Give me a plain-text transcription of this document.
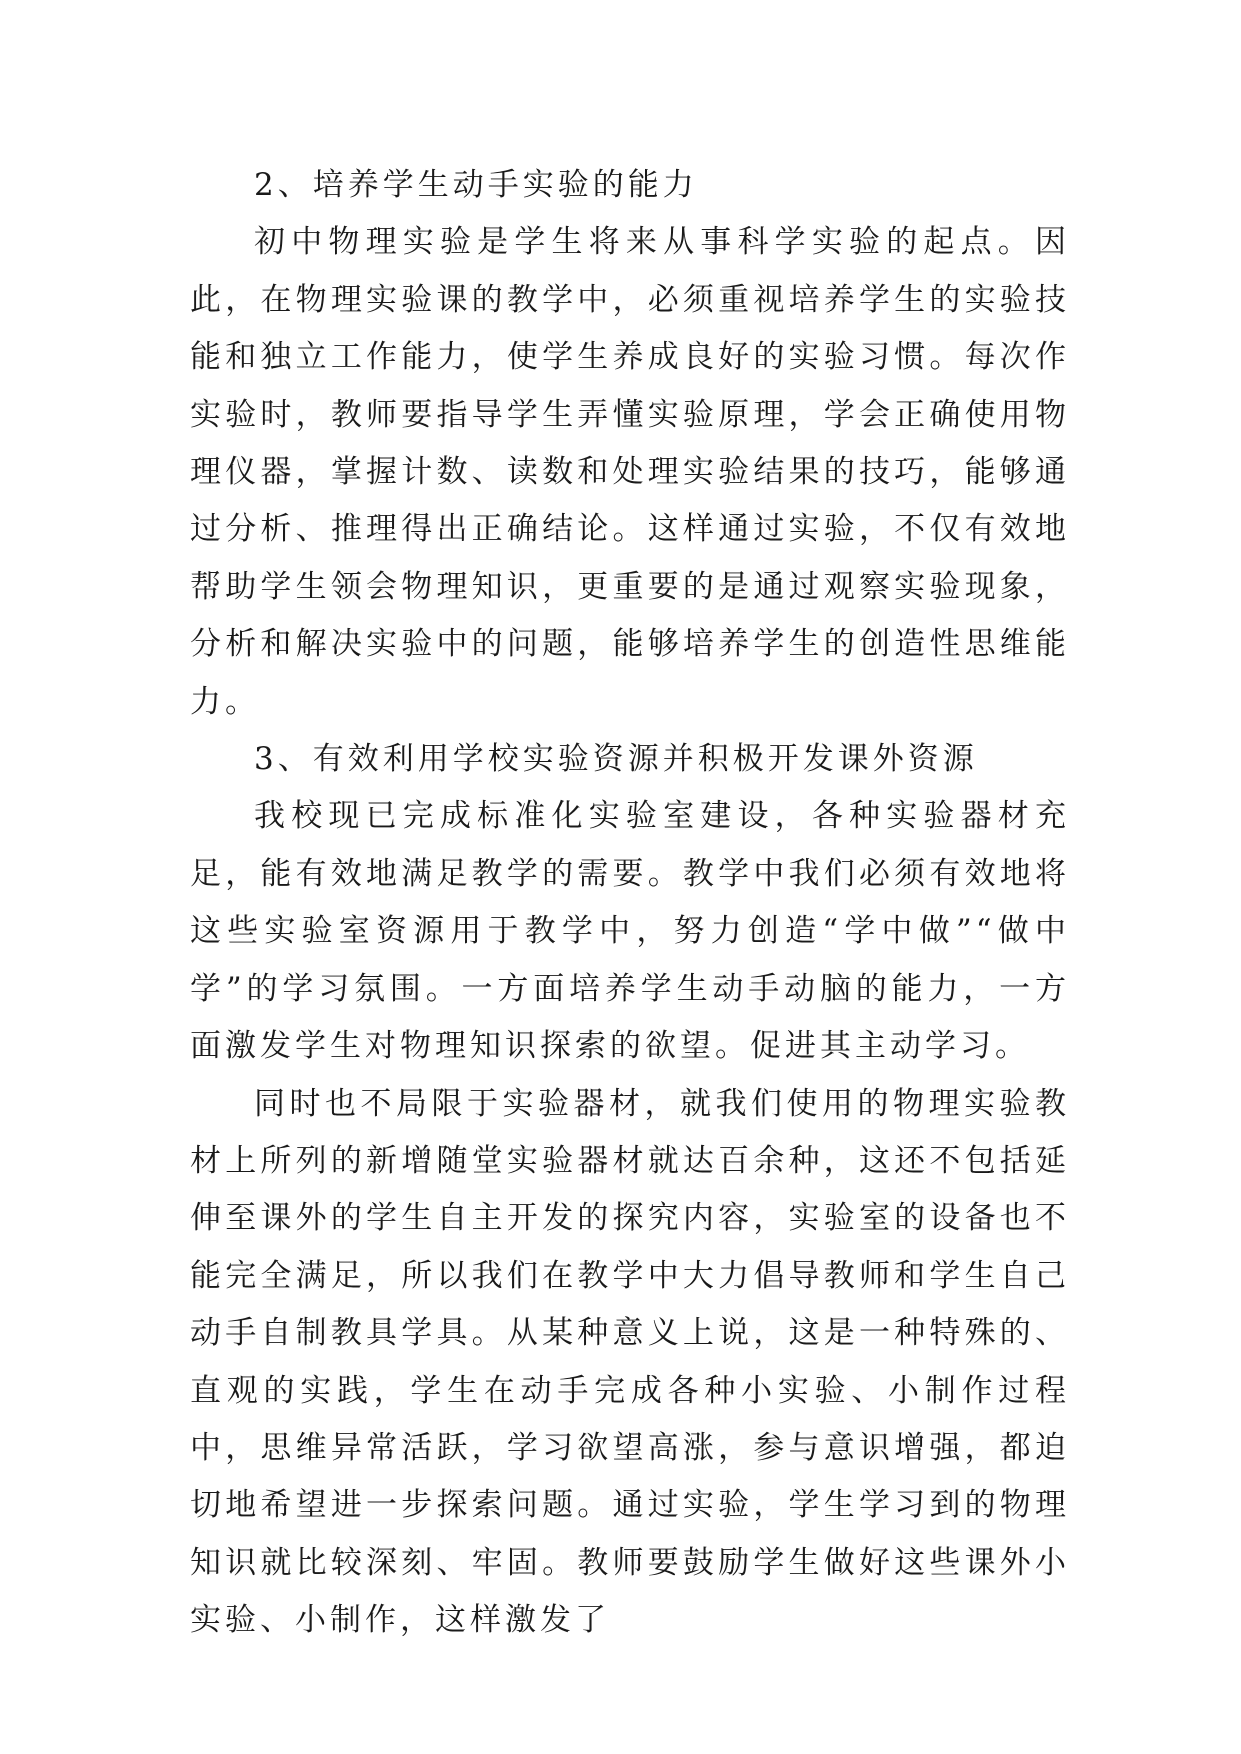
2、培养学生动手实验的能力

初中物理实验是学生将来从事科学实验的起点。因此，在物理实验课的教学中，必须重视培养学生的实验技能和独立工作能力，使学生养成良好的实验习惯。每次作实验时，教师要指导学生弄懂实验原理，学会正确使用物理仪器，掌握计数、读数和处理实验结果的技巧，能够通过分析、推理得出正确结论。这样通过实验，不仅有效地帮助学生领会物理知识，更重要的是通过观察实验现象，分析和解决实验中的问题，能够培养学生的创造性思维能力。

3、有效利用学校实验资源并积极开发课外资源

我校现已完成标准化实验室建设，各种实验器材充足，能有效地满足教学的需要。教学中我们必须有效地将这些实验室资源用于教学中，努力创造“学中做”“做中学”的学习氛围。一方面培养学生动手动脑的能力，一方面激发学生对物理知识探索的欲望。促进其主动学习。

同时也不局限于实验器材，就我们使用的物理实验教材上所列的新增随堂实验器材就达百余种，这还不包括延伸至课外的学生自主开发的探究内容，实验室的设备也不能完全满足，所以我们在教学中大力倡导教师和学生自己动手自制教具学具。从某种意义上说，这是一种特殊的、直观的实践，学生在动手完成各种小实验、小制作过程中，思维异常活跃，学习欲望高涨，参与意识增强，都迫切地希望进一步探索问题。通过实验，学生学习到的物理知识就比较深刻、牢固。教师要鼓励学生做好这些课外小实验、小制作，这样激发了
